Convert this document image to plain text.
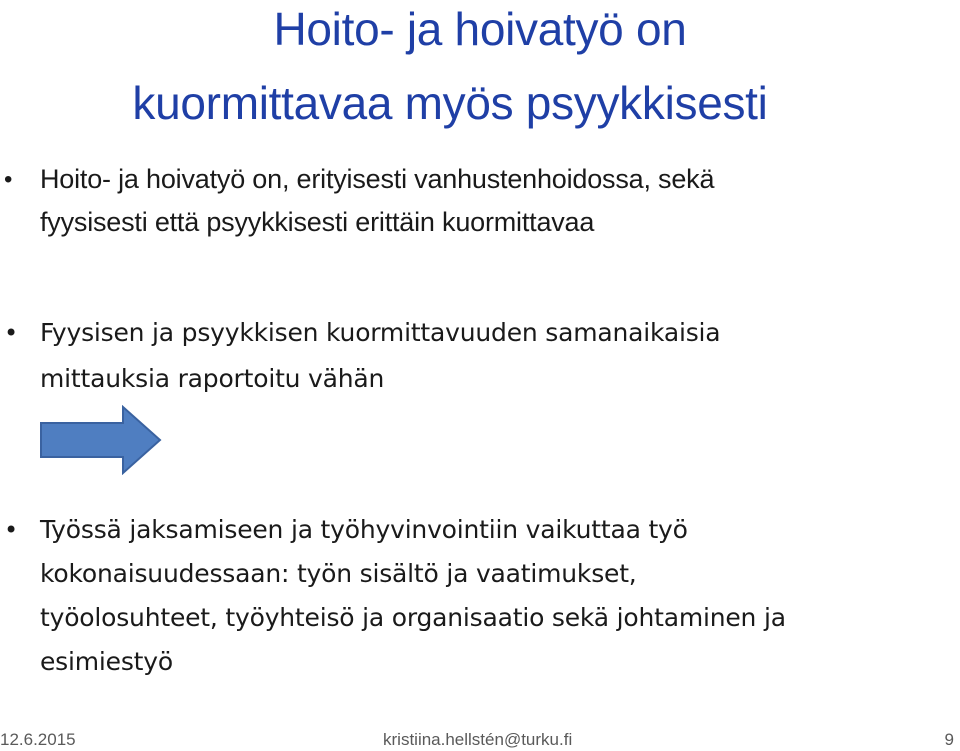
Hoito- ja hoivatyö on
kuormittavaa myös psyykkisesti
• Hoito- ja hoivatyö on, erityisesti vanhustenhoidossa, sekä
fyysisesti että psyykkisesti erittäin kuormittavaa
• Fyysisen ja psyykkisen kuormittavuuden samanaikaisia
mittauksia raportoitu vähän
• Työssä jaksamiseen ja työhyvinvointiin vaikuttaa työ
kokonaisuudessaan: työn sisältö ja vaatimukset,
työolosuhteet, työyhteisö ja organisaatio sekä johtaminen ja
esimiestyö
12.6.2015	kristiina.hellstén@turku.fi	9
